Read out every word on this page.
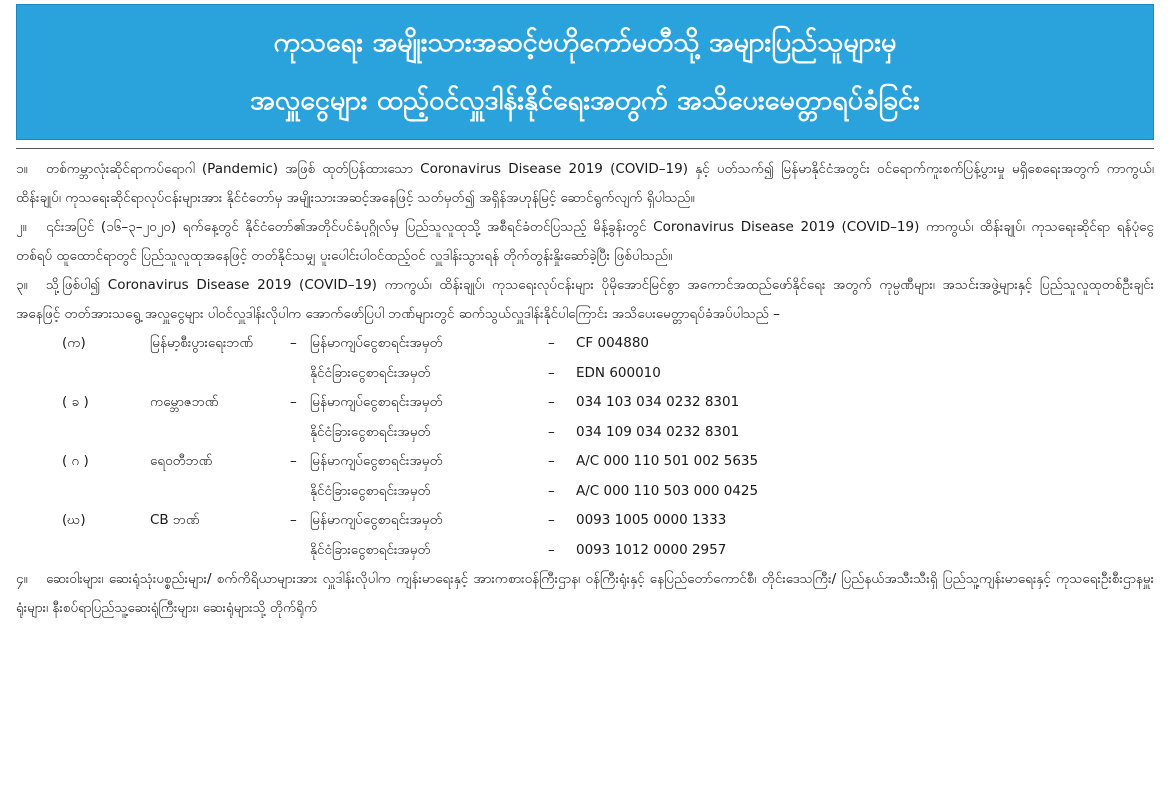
ကုသရေး အမျိုးသားအဆင့်ဗဟိုကော်မတီသို့ အများပြည်သူများမှ
အလှူငွေများ ထည့်ဝင်လှူဒါန်းနိုင်ရေးအတွက် အသိပေးမေတ္တာရပ်ခံခြင်း

၁။ တစ်ကမ္ဘာလုံးဆိုင်ရာကပ်ရောဂါ (Pandemic) အဖြစ် ထုတ်ပြန်ထားသော Coronavirus Disease 2019 (COVID–19) နှင့် ပတ်သက်၍ မြန်မာနိုင်ငံအတွင်း ဝင်ရောက်ကူးစက်ပြန့်ပွားမှု မရှိစေရေးအတွက် ကာကွယ်၊ ထိန်းချုပ်၊ ကုသရေးဆိုင်ရာလုပ်ငန်းများအား နိုင်ငံတော်မှ အမျိုးသားအဆင့်အနေဖြင့် သတ်မှတ်၍ အရှိန်အဟုန်မြင့် ဆောင်ရွက်လျက် ရှိပါသည်။

၂။ ၎င်းအပြင် (၁၆–၃–၂၀၂၀) ရက်နေ့တွင် နိုင်ငံတော်၏အတိုင်ပင်ခံပုဂ္ဂိုလ်မှ ပြည်သူလူထုသို့ အစီရင်ခံတင်ပြသည့် မိန့်ခွန်းတွင် Coronavirus Disease 2019 (COVID–19) ကာကွယ်၊ ထိန်းချုပ်၊ ကုသရေးဆိုင်ရာ ရန်ပုံငွေတစ်ရပ် ထူထောင်ရာတွင် ပြည်သူလူထုအနေဖြင့် တတ်နိုင်သမျှ ပူးပေါင်းပါဝင်ထည့်ဝင် လှူဒါန်းသွားရန် တိုက်တွန်းနှိုးဆော်ခဲ့ပြီး ဖြစ်ပါသည်။

၃။ သို့ဖြစ်ပါ၍ Coronavirus Disease 2019 (COVID–19) ကာကွယ်၊ ထိန်းချုပ်၊ ကုသရေးလုပ်ငန်းများ ပိုမိုအောင်မြင်စွာ အကောင်အထည်ဖော်နိုင်ရေး အတွက် ကုမ္ပဏီများ၊ အသင်းအဖွဲ့များနှင့် ပြည်သူလူထုတစ်ဦးချင်းအနေဖြင့် တတ်အားသရွေ့ အလှူငွေများ ပါဝင်လှူဒါန်းလိုပါက အောက်ဖော်ပြပါ ဘဏ်များတွင် ဆက်သွယ်လှူဒါန်းနိုင်ပါကြောင်း အသိပေးမေတ္တာရပ်ခံအပ်ပါသည် –

(က)	မြန်မာ့စီးပွားရေးဘဏ်	– မြန်မာကျပ်ငွေစာရင်းအမှတ်	–	CF 004880
နိုင်ငံခြားငွေစာရင်းအမှတ်	–	EDN 600010
( ခ )	ကမ္ဘောဇဘဏ်	– မြန်မာကျပ်ငွေစာရင်းအမှတ်	–	034 103 034 0232 8301
နိုင်ငံခြားငွေစာရင်းအမှတ်	–	034 109 034 0232 8301
( ဂ )	ရေဝတီဘဏ်	– မြန်မာကျပ်ငွေစာရင်းအမှတ်	–	A/C 000 110 501 002 5635
နိုင်ငံခြားငွေစာရင်းအမှတ်	–	A/C 000 110 503 000 0425
(ဃ)	CB ဘဏ်	– မြန်မာကျပ်ငွေစာရင်းအမှတ်	–	0093 1005 0000 1333
နိုင်ငံခြားငွေစာရင်းအမှတ်	–	0093 1012 0000 2957

၄။ ဆေးဝါးများ၊ ဆေးရုံသုံးပစ္စည်းများ/ စက်ကိရိယာများအား လှူဒါန်းလိုပါက ကျန်းမာရေးနှင့် အားကစားဝန်ကြီးဌာန၊ ဝန်ကြီးရုံးနှင့် နေပြည်တော်ကောင်စီ၊ တိုင်းဒေသကြီး/ ပြည်နယ်အသီးသီးရှိ ပြည်သူ့ကျန်းမာရေးနှင့် ကုသရေးဦးစီးဌာနမှူးရုံးများ၊ နီးစပ်ရာပြည်သူ့ဆေးရုံကြီးများ၊ ဆေးရုံများသို့ တိုက်ရိုက်
